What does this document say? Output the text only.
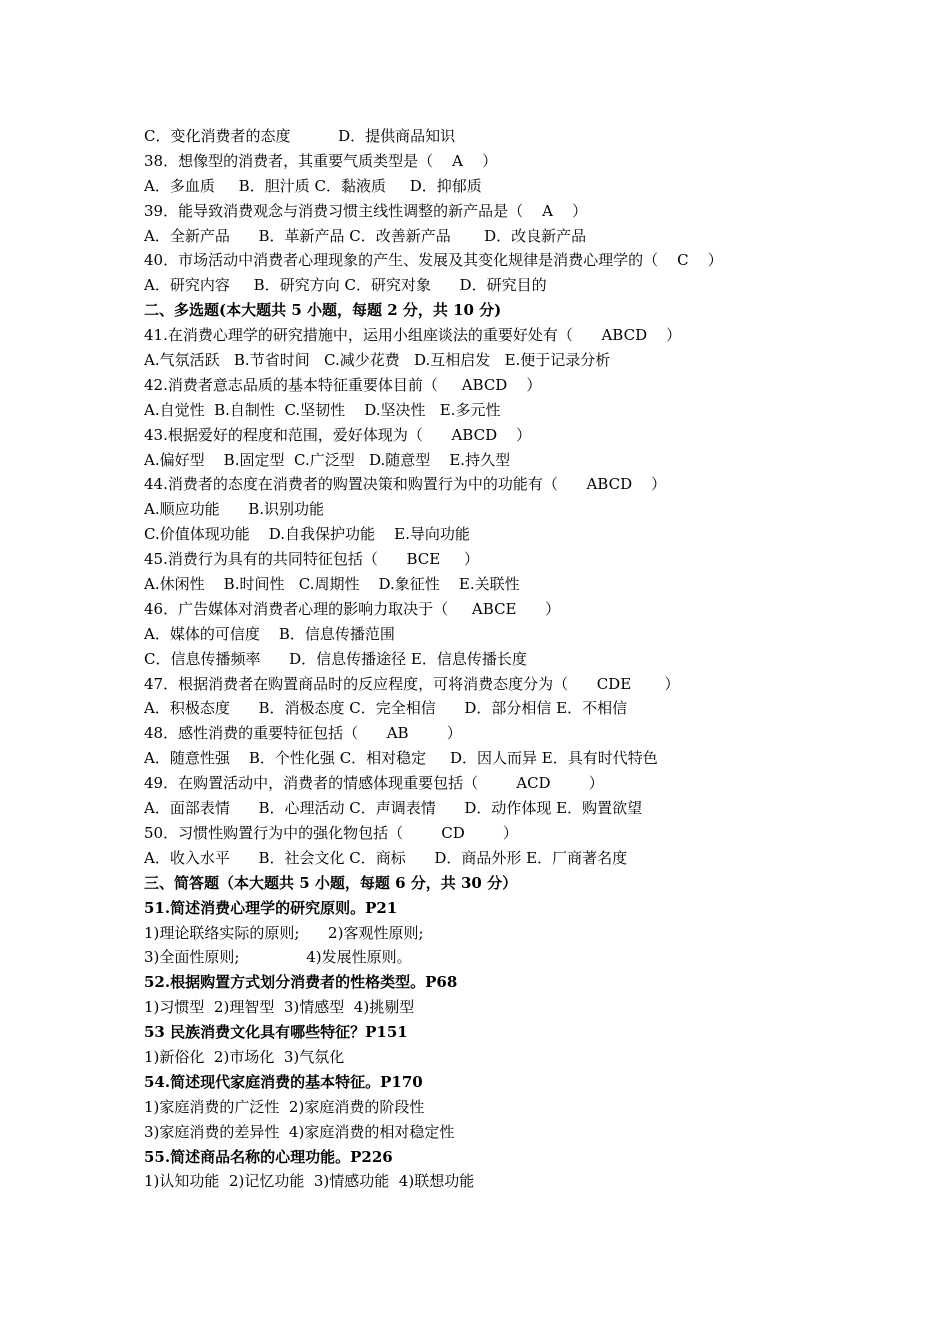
C．变化消费者的态度          D．提供商品知识
38．想像型的消费者，其重要气质类型是（    A    ）
A．多血质     B．胆汁质 C．黏液质     D．抑郁质
39．能导致消费观念与消费习惯主线性调整的新产品是（    A    ）
A．全新产品      B．革新产品 C．改善新产品       D．改良新产品
40．市场活动中消费者心理现象的产生、发展及其变化规律是消费心理学的（    C    ）
A．研究内容     B．研究方向 C．研究对象      D．研究目的
二、多选题(本大题共 5 小题，每题 2 分，共 10 分)
41.在消费心理学的研究措施中，运用小组座谈法的重要好处有（      ABCD    ）
A.气氛活跃   B.节省时间   C.减少花费   D.互相启发   E.便于记录分析
42.消费者意志品质的基本特征重要体目前（     ABCD    ）
A.自觉性  B.自制性  C.坚韧性    D.坚决性   E.多元性
43.根据爱好的程度和范围，爱好体现为（      ABCD    ）
A.偏好型    B.固定型  C.广泛型   D.随意型    E.持久型
44.消费者的态度在消费者的购置决策和购置行为中的功能有（      ABCD    ）
A.顺应功能      B.识别功能
C.价值体现功能    D.自我保护功能    E.导向功能
45.消费行为具有的共同特征包括（      BCE     ）
A.休闲性    B.时间性   C.周期性    D.象征性    E.关联性
46．广告媒体对消费者心理的影响力取决于（     ABCE      ）
A．媒体的可信度    B．信息传播范围
C．信息传播频率      D．信息传播途径 E．信息传播长度
47．根据消费者在购置商品时的反应程度，可将消费态度分为（      CDE       ）
A．积极态度      B．消极态度 C．完全相信      D．部分相信 E．不相信
48．感性消费的重要特征包括（      AB        ）
A．随意性强    B．个性化强 C．相对稳定     D．因人而异 E．具有时代特色
49．在购置活动中，消费者的情感体现重要包括（        ACD        ）
A．面部表情      B．心理活动 C．声调表情      D．动作体现 E．购置欲望
50．习惯性购置行为中的强化物包括（        CD        ）
A．收入水平      B．社会文化 C．商标      D．商品外形 E．厂商著名度
三、简答题（本大题共 5 小题，每题 6 分，共 30 分）
51.简述消费心理学的研究原则。P21
1)理论联络实际的原则;      2)客观性原则;
3)全面性原则;              4)发展性原则。
52.根据购置方式划分消费者的性格类型。P68
1)习惯型  2)理智型  3)情感型  4)挑剔型
53 民族消费文化具有哪些特征？P151
1)新俗化  2)市场化  3)气氛化
54.简述现代家庭消费的基本特征。P170
1)家庭消费的广泛性  2)家庭消费的阶段性
3)家庭消费的差异性  4)家庭消费的相对稳定性
55.简述商品名称的心理功能。P226
1)认知功能  2)记忆功能  3)情感功能  4)联想功能
